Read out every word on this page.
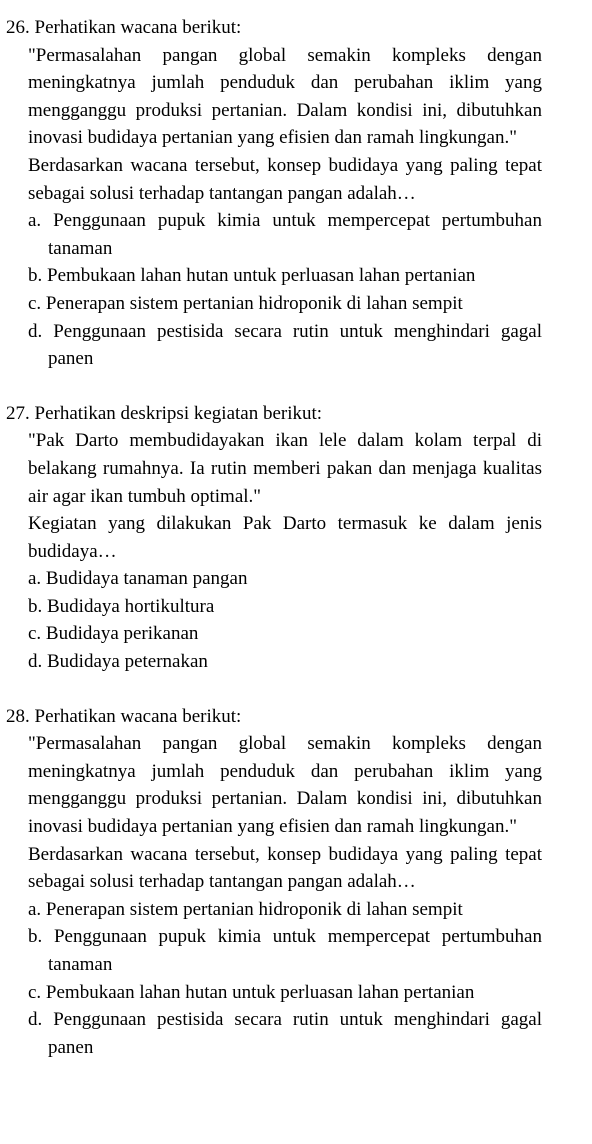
26. Perhatikan wacana berikut:
"Permasalahan pangan global semakin kompleks dengan meningkatnya jumlah penduduk dan perubahan iklim yang mengganggu produksi pertanian. Dalam kondisi ini, dibutuhkan inovasi budidaya pertanian yang efisien dan ramah lingkungan."
Berdasarkan wacana tersebut, konsep budidaya yang paling tepat sebagai solusi terhadap tantangan pangan adalah…
a. Penggunaan pupuk kimia untuk mempercepat pertumbuhan tanaman
b. Pembukaan lahan hutan untuk perluasan lahan pertanian
c. Penerapan sistem pertanian hidroponik di lahan sempit
d. Penggunaan pestisida secara rutin untuk menghindari gagal panen
27. Perhatikan deskripsi kegiatan berikut:
"Pak Darto membudidayakan ikan lele dalam kolam terpal di belakang rumahnya. Ia rutin memberi pakan dan menjaga kualitas air agar ikan tumbuh optimal."
Kegiatan yang dilakukan Pak Darto termasuk ke dalam jenis budidaya…
a. Budidaya tanaman pangan
b. Budidaya hortikultura
c. Budidaya perikanan
d. Budidaya peternakan
28. Perhatikan wacana berikut:
"Permasalahan pangan global semakin kompleks dengan meningkatnya jumlah penduduk dan perubahan iklim yang mengganggu produksi pertanian. Dalam kondisi ini, dibutuhkan inovasi budidaya pertanian yang efisien dan ramah lingkungan."
Berdasarkan wacana tersebut, konsep budidaya yang paling tepat sebagai solusi terhadap tantangan pangan adalah…
a. Penerapan sistem pertanian hidroponik di lahan sempit
b. Penggunaan pupuk kimia untuk mempercepat pertumbuhan tanaman
c. Pembukaan lahan hutan untuk perluasan lahan pertanian
d. Penggunaan pestisida secara rutin untuk menghindari gagal panen
